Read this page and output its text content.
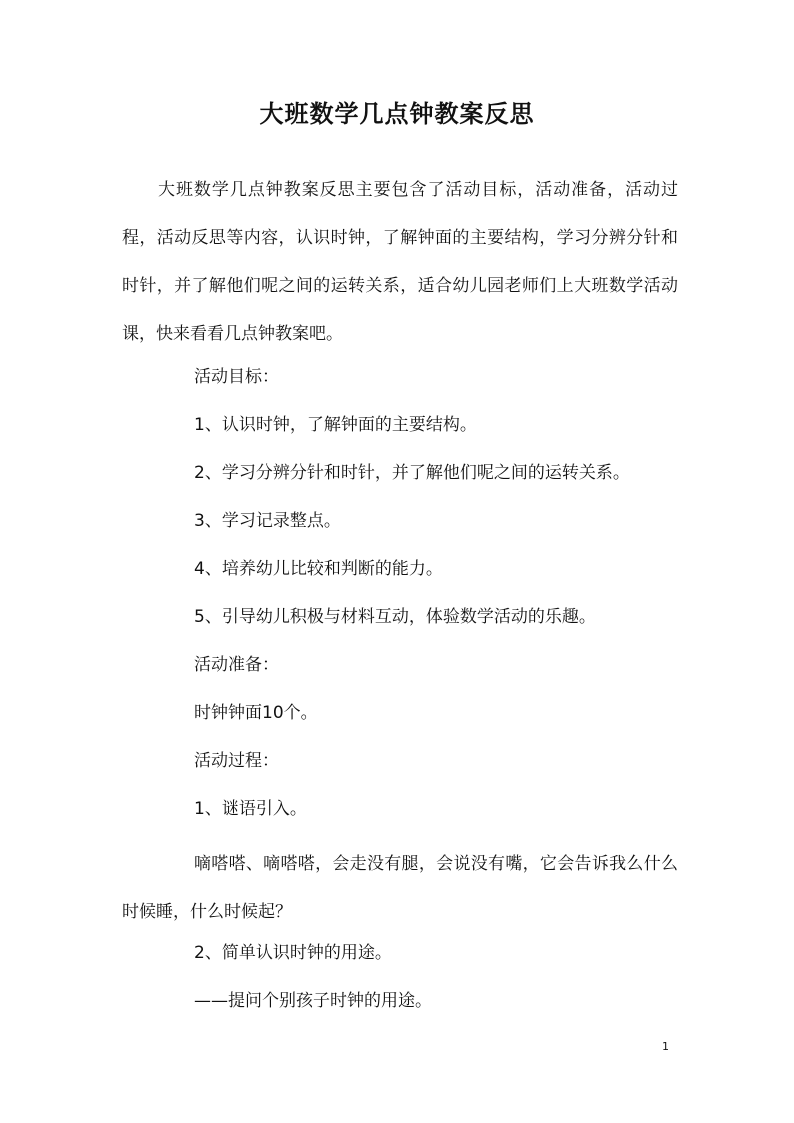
大班数学几点钟教案反思
大班数学几点钟教案反思主要包含了活动目标，活动准备，活动过程，活动反思等内容，认识时钟，了解钟面的主要结构，学习分辨分针和时针，并了解他们呢之间的运转关系，适合幼儿园老师们上大班数学活动课，快来看看几点钟教案吧。
活动目标：
1、认识时钟，了解钟面的主要结构。
2、学习分辨分针和时针，并了解他们呢之间的运转关系。
3、学习记录整点。
4、培养幼儿比较和判断的能力。
5、引导幼儿积极与材料互动，体验数学活动的乐趣。
活动准备：
时钟钟面10个。
活动过程：
1、谜语引入。
嘀嗒嗒、嘀嗒嗒，会走没有腿，会说没有嘴，它会告诉我么什么时候睡，什么时候起？
2、简单认识时钟的用途。
——提问个别孩子时钟的用途。
1
